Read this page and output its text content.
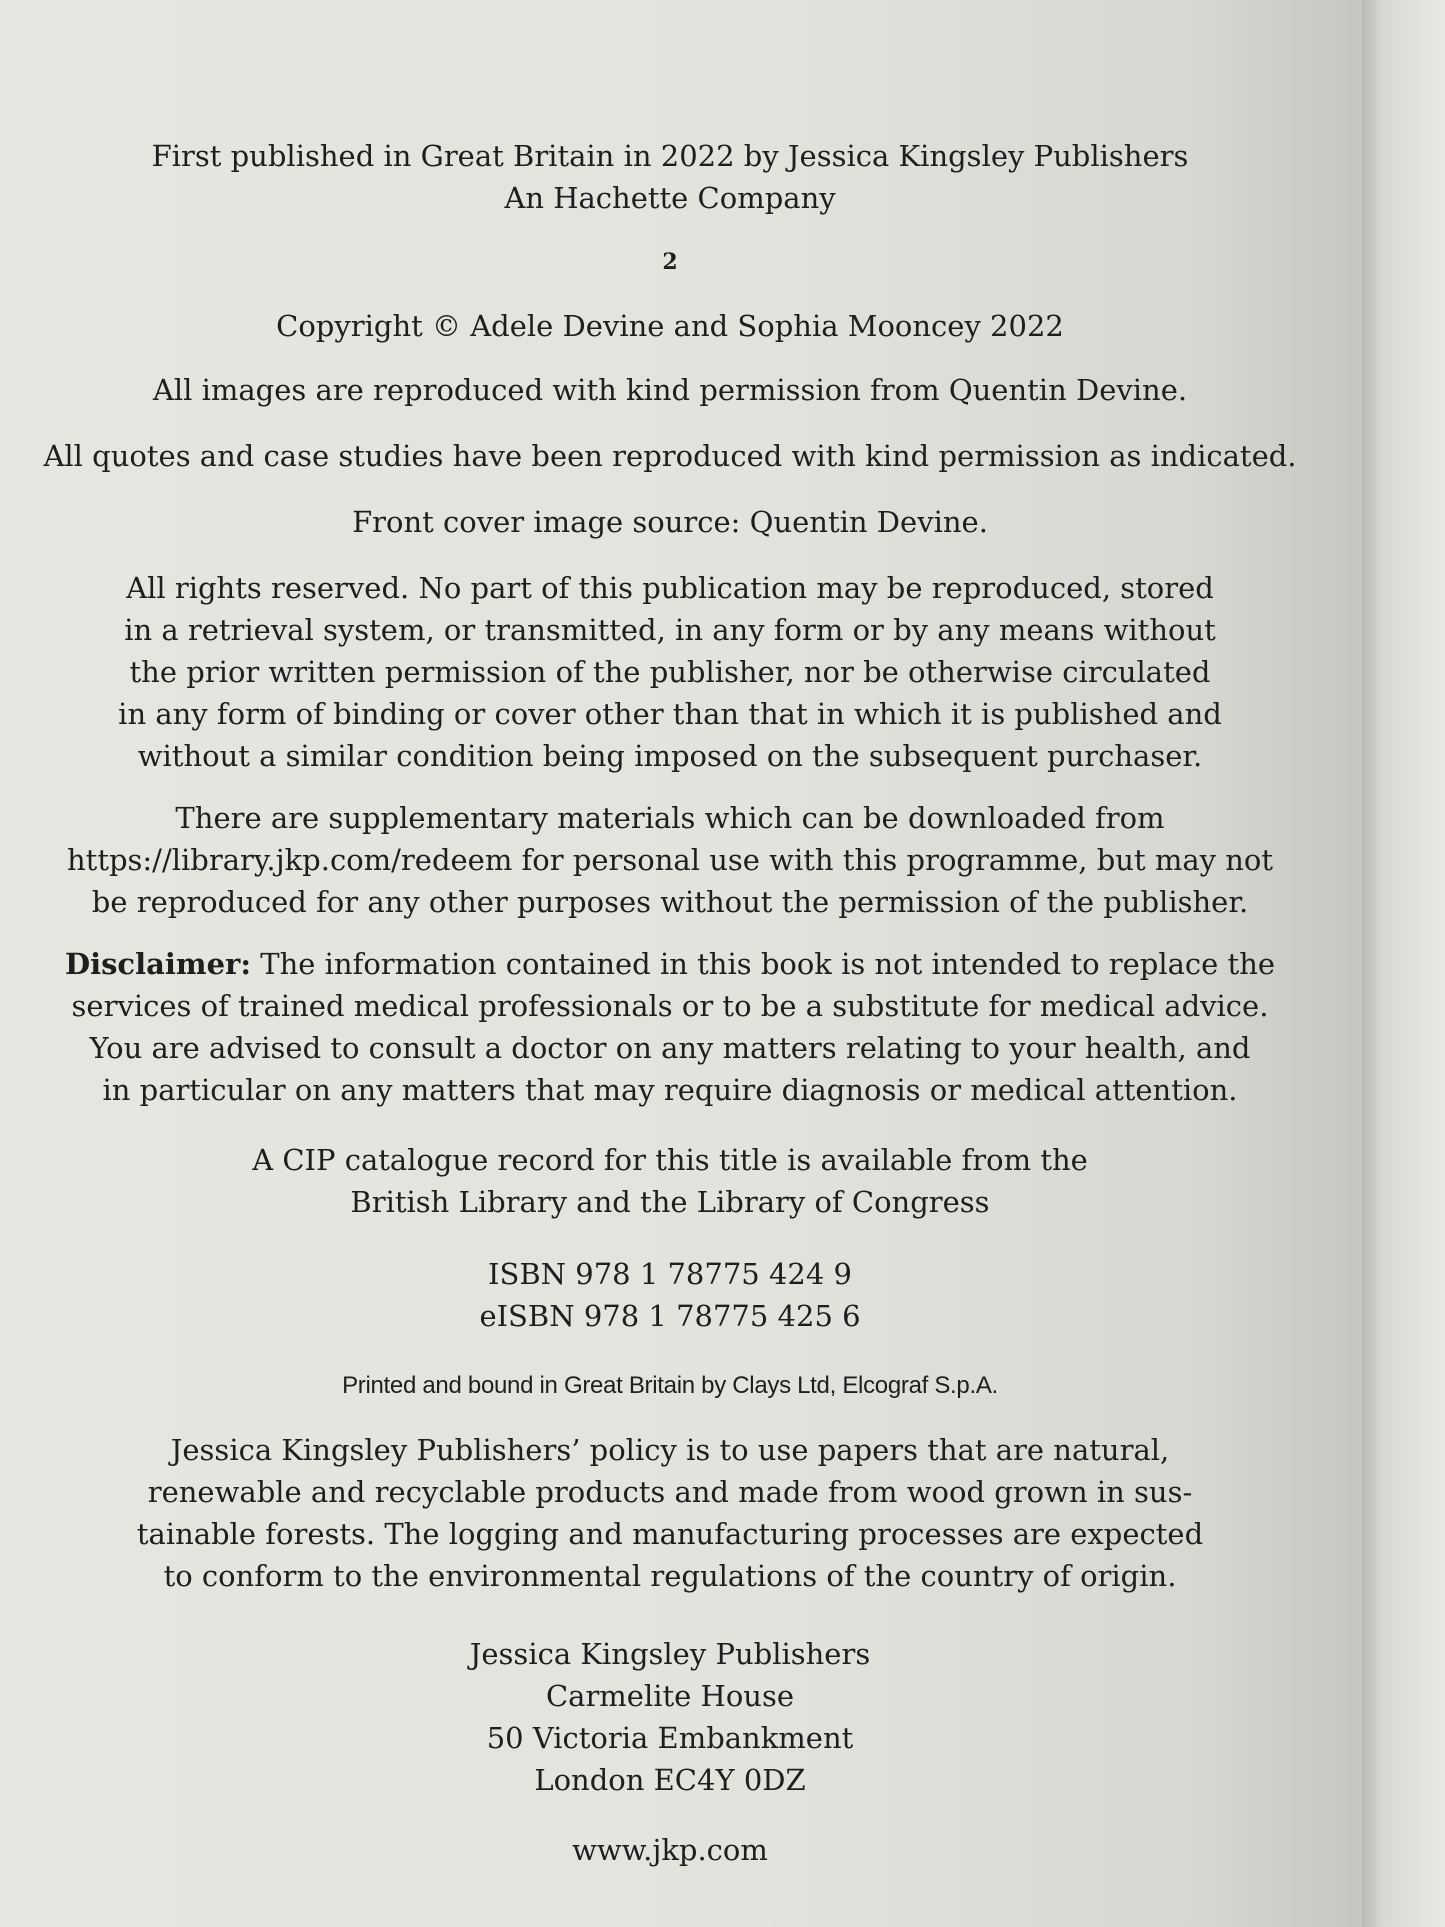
First published in Great Britain in 2022 by Jessica Kingsley Publishers

An Hachette Company

2
Copyright © Adele Devine and Sophia Mooncey 2022
All images are reproduced with kind permission from Quentin Devine.
All quotes and case studies have been reproduced with kind permission as indicated.
Front cover image source: Quentin Devine.

All rights reserved. No part of this publication may be reproduced, stored

in a retrieval system, or transmitted, in any form or by any means without

the prior written permission of the publisher, nor be otherwise circulated

in any form of binding or cover other than that in which it is published and

without a similar condition being imposed on the subsequent purchaser.

There are supplementary materials which can be downloaded from

https://library.jkp.com/redeem for personal use with this programme, but may not

be reproduced for any other purposes without the permission of the publisher.

Disclaimer: The information contained in this book is not intended to replace the

services of trained medical professionals or to be a substitute for medical advice.

You are advised to consult a doctor on any matters relating to your health, and

in particular on any matters that may require diagnosis or medical attention.

A CIP catalogue record for this title is available from the

British Library and the Library of Congress

ISBN 978 1 78775 424 9

eISBN 978 1 78775 425 6

Printed and bound in Great Britain by Clays Ltd, Elcograf S.p.A.

Jessica Kingsley Publishers’ policy is to use papers that are natural,

renewable and recyclable products and made from wood grown in sus-

tainable forests. The logging and manufacturing processes are expected

to conform to the environmental regulations of the country of origin.

Jessica Kingsley Publishers

Carmelite House

50 Victoria Embankment

London EC4Y 0DZ

www.jkp.com
